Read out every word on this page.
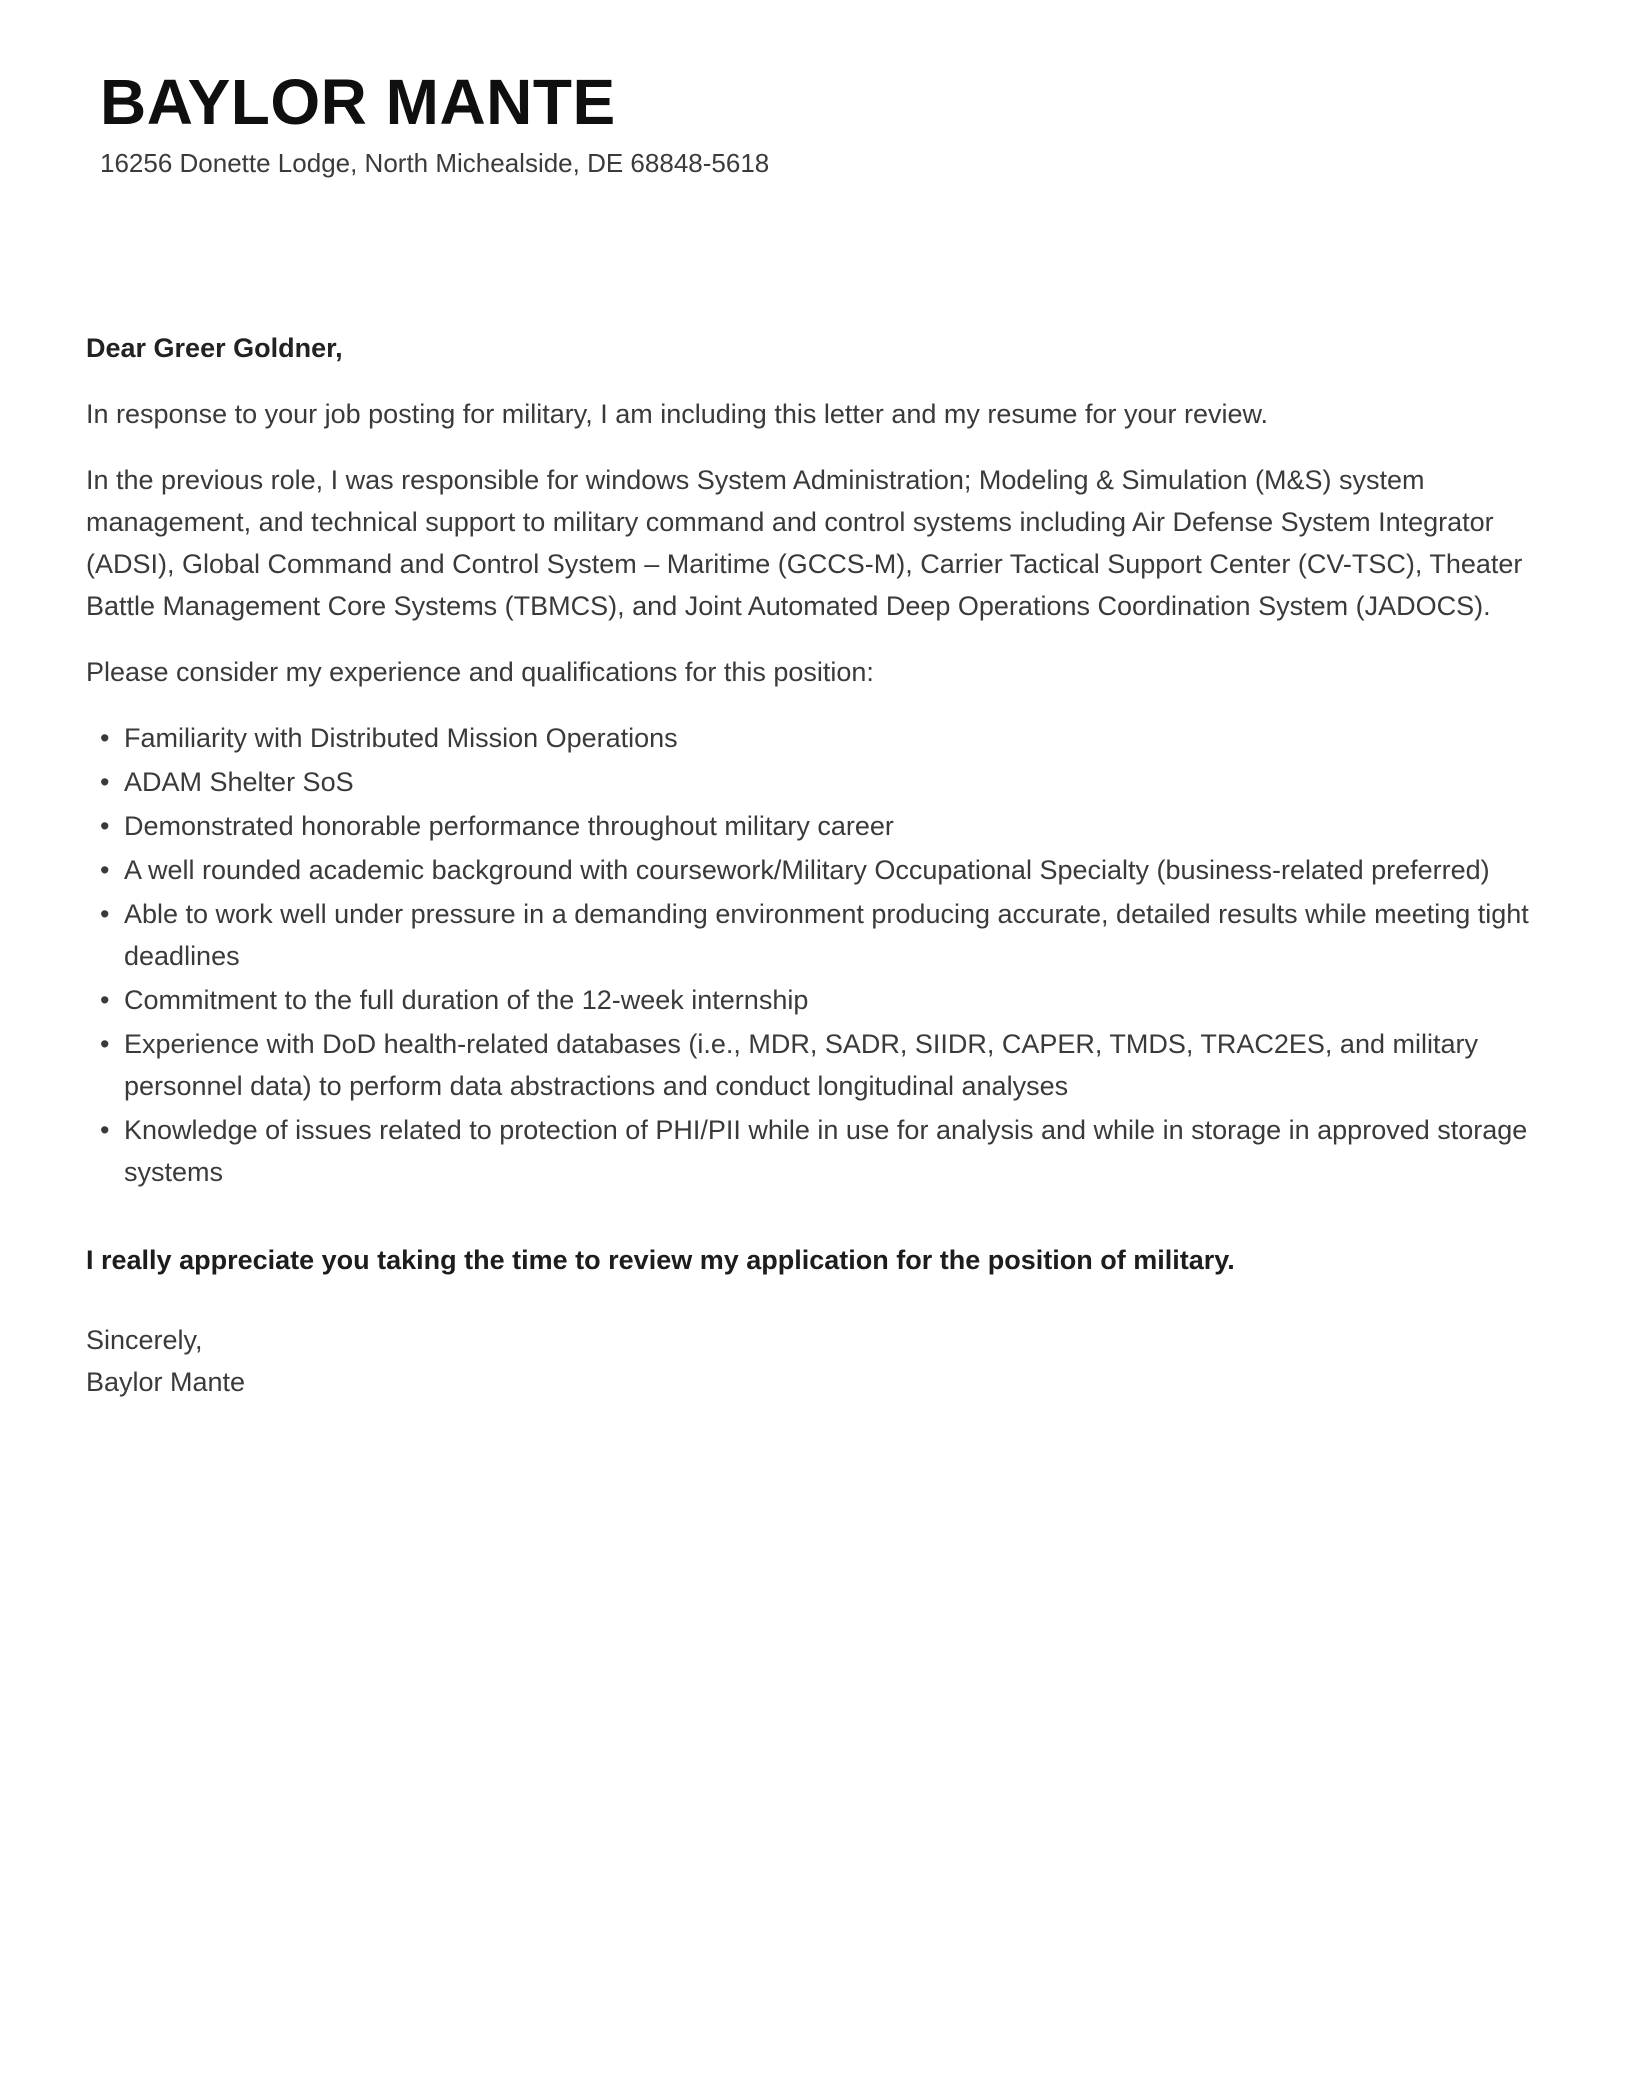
BAYLOR MANTE
16256 Donette Lodge, North Michealside, DE 68848-5618
Dear Greer Goldner,

In response to your job posting for military, I am including this letter and my resume for your review.

In the previous role, I was responsible for windows System Administration; Modeling & Simulation (M&S) system management, and technical support to military command and control systems including Air Defense System Integrator (ADSI), Global Command and Control System – Maritime (GCCS-M), Carrier Tactical Support Center (CV-TSC), Theater Battle Management Core Systems (TBMCS), and Joint Automated Deep Operations Coordination System (JADOCS).

Please consider my experience and qualifications for this position:

• Familiarity with Distributed Mission Operations
• ADAM Shelter SoS
• Demonstrated honorable performance throughout military career
• A well rounded academic background with coursework/Military Occupational Specialty (business-related preferred)
• Able to work well under pressure in a demanding environment producing accurate, detailed results while meeting tight deadlines
• Commitment to the full duration of the 12-week internship
• Experience with DoD health-related databases (i.e., MDR, SADR, SIIDR, CAPER, TMDS, TRAC2ES, and military personnel data) to perform data abstractions and conduct longitudinal analyses
• Knowledge of issues related to protection of PHI/PII while in use for analysis and while in storage in approved storage systems

I really appreciate you taking the time to review my application for the position of military.

Sincerely,
Baylor Mante
